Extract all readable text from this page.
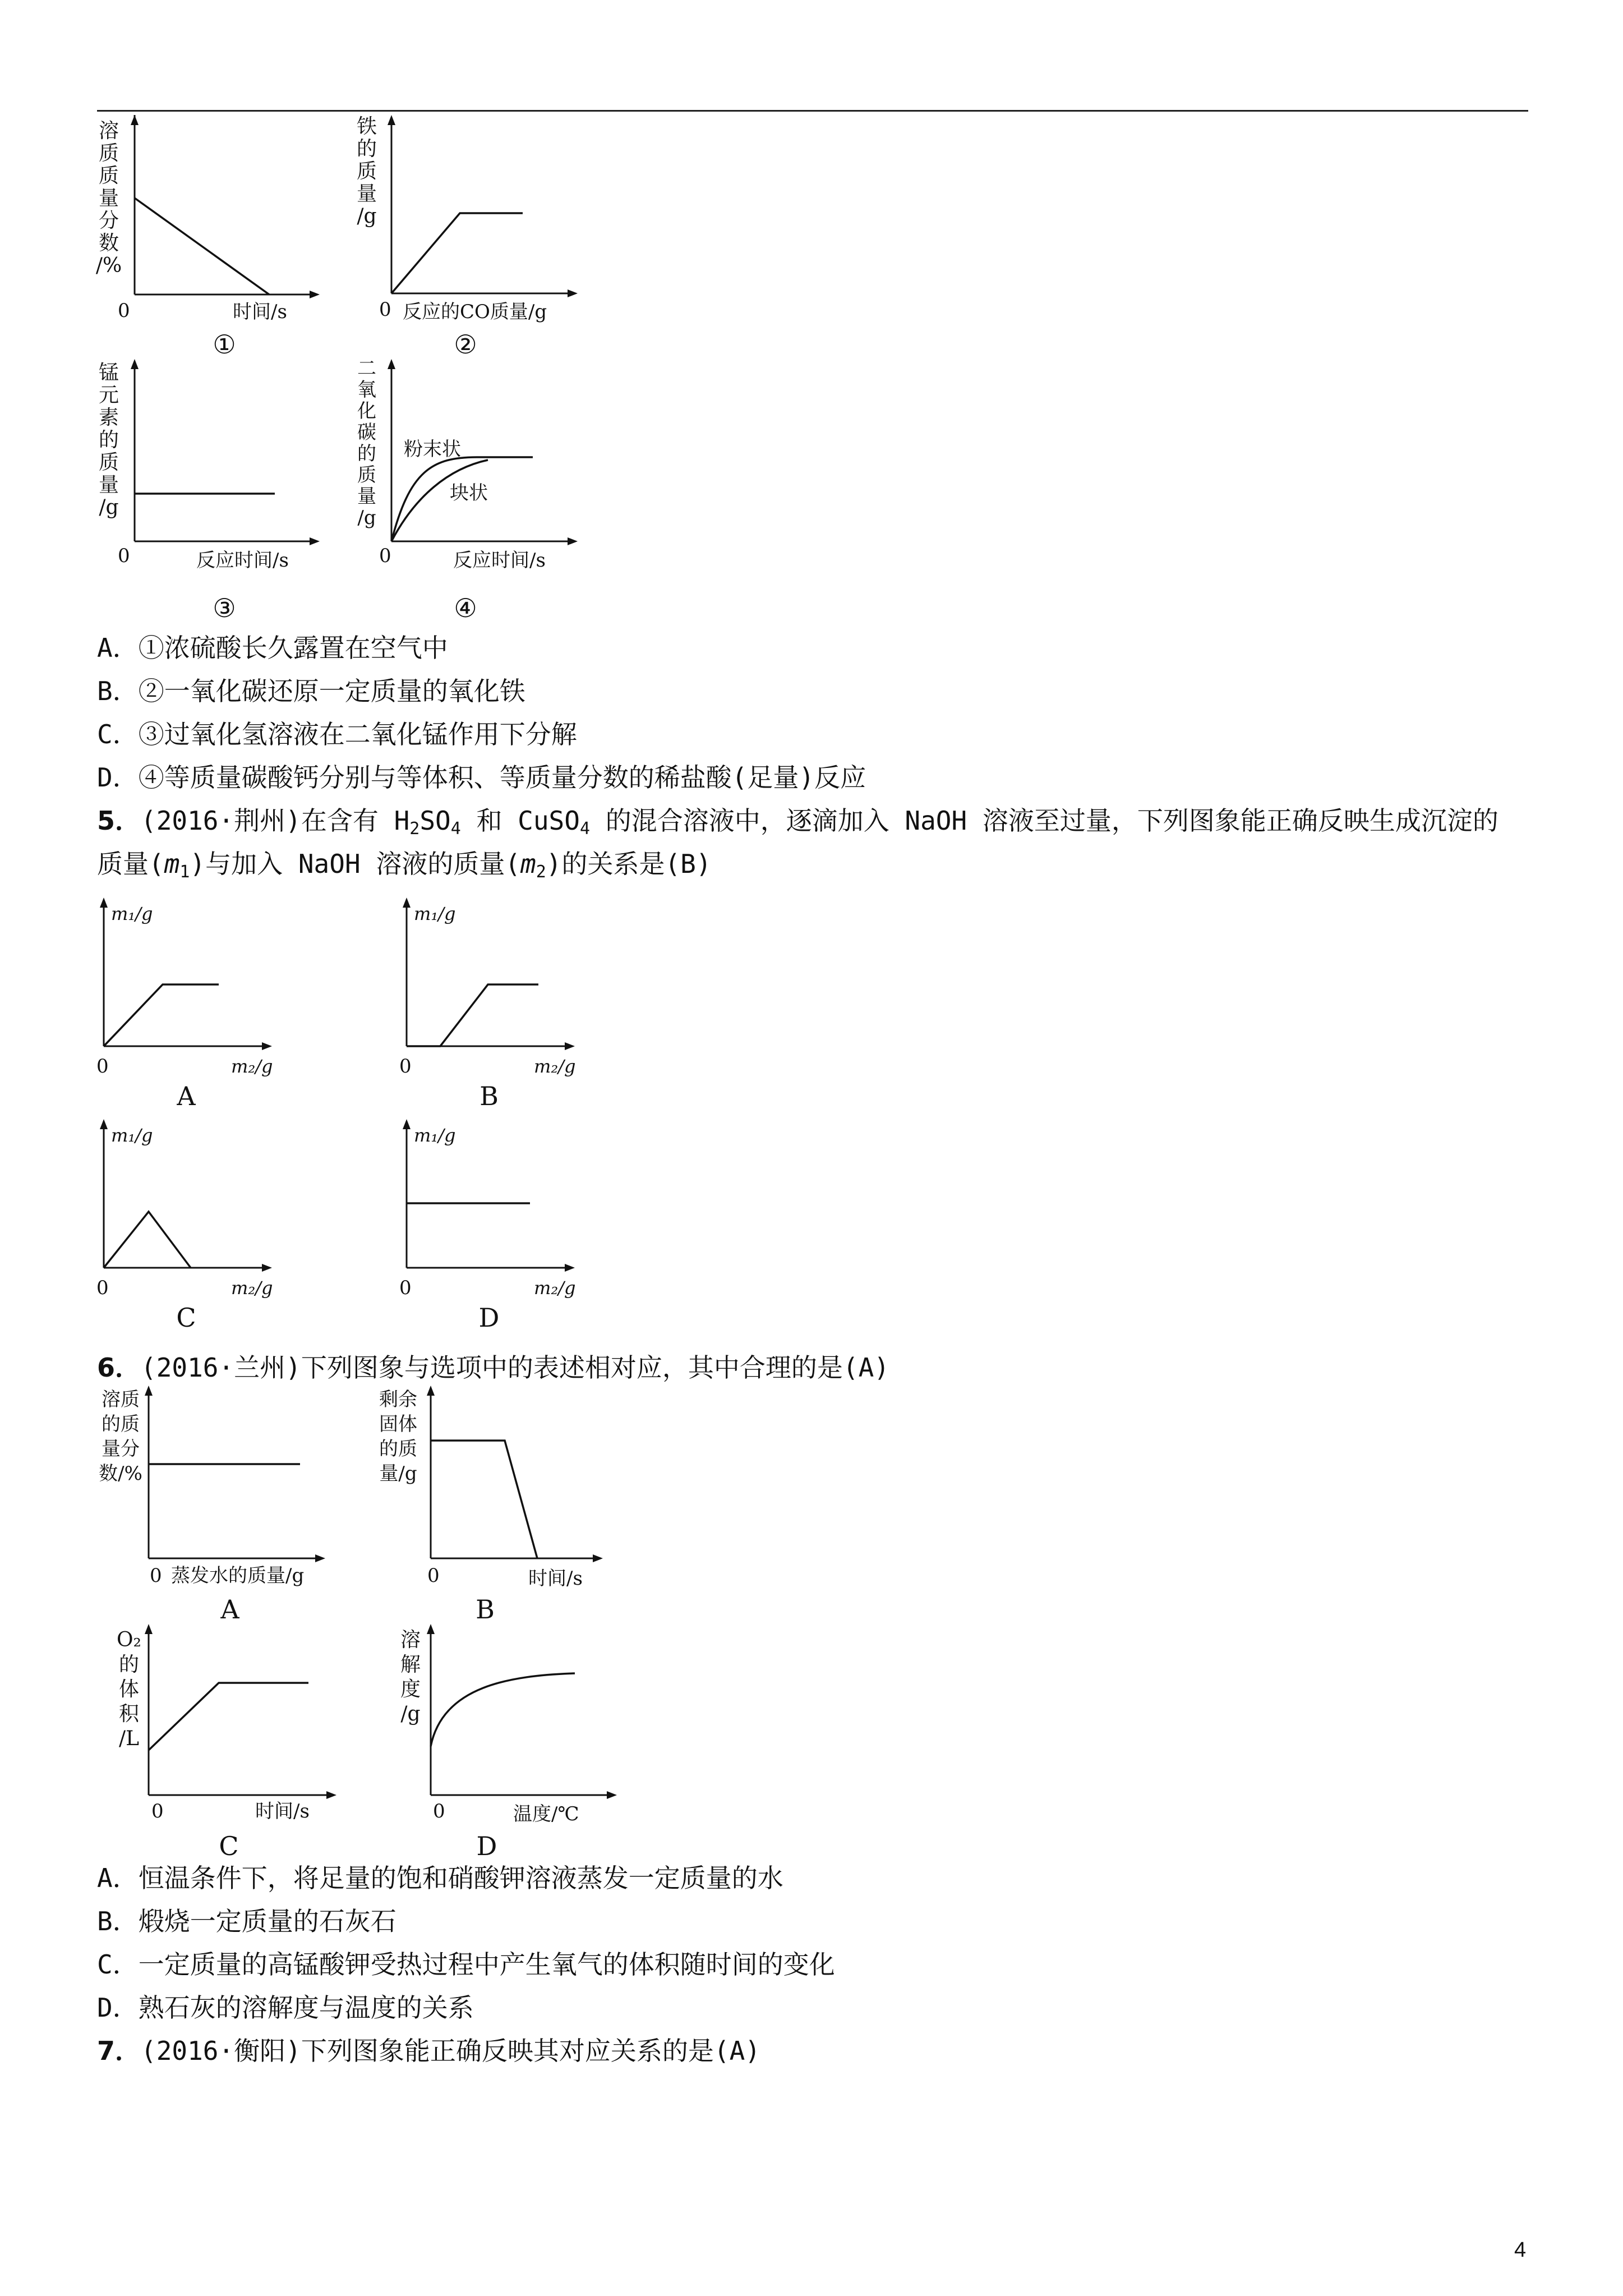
溶
质
质
量
分
数
/%
0	时间/s
①
铁
的
质
量
/g
0 反应的CO质量/g
②
锰
元
素
的
质
量
/g
0	反应时间/s
③
二
氧
化
碳
的
质
量
/g
粉末状
块状
0	反应时间/s
④
A．①浓硫酸长久露置在空气中
B．②一氧化碳还原一定质量的氧化铁
C．③过氧化氢溶液在二氧化锰作用下分解
D．④等质量碳酸钙分别与等体积、等质量分数的稀盐酸(足量)反应
5．(2016·荆州)在含有 $H_2SO_4$ 和 CuSO$_4$ 的混合溶液中，逐滴加入 NaOH 溶液至过量，下列图象能正确反映生成沉淀的
质量$(m_1)$与加入 NaOH 溶液的质量$(m_2)$的关系是(B)
m₁/g
0	m₂/g
A
m₁/g
0	m₂/g
B
m₁/g
0	m₂/g
C
m₁/g
0	m₂/g
D
6．(2016·兰州)下列图象与选项中的表述相对应，其中合理的是(A)
溶质
的质
量分
数/%
0 蒸发水的质量/g
A
剩余
固体
的质
量/g
0	时间/s
B
O₂
的
体
积
/L
0	时间/s
C
溶
解
度
/g
0	温度/℃
D
A．恒温条件下，将足量的饱和硝酸钾溶液蒸发一定质量的水
B．煅烧一定质量的石灰石
C．一定质量的高锰酸钾受热过程中产生氧气的体积随时间的变化
D．熟石灰的溶解度与温度的关系
7．(2016·衡阳)下列图象能正确反映其对应关系的是(A)
4
